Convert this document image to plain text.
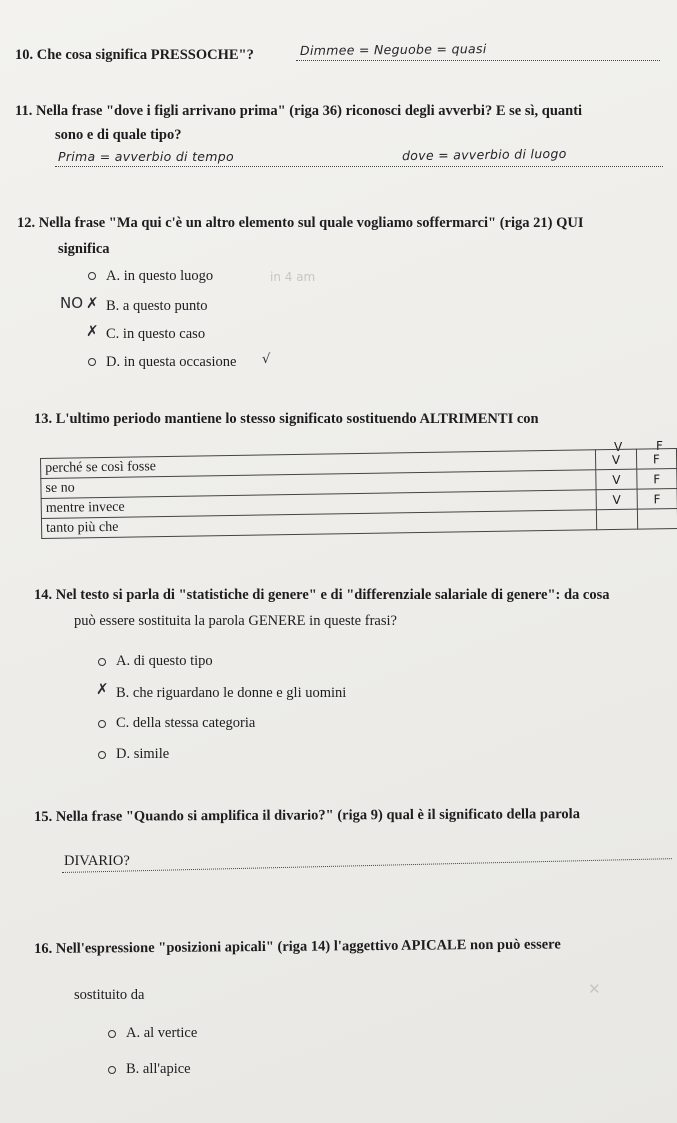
10. Che cosa significa PRESSOCHE"?	Dimmee = Neguobe = quasi
11. Nella frase "dove i figli arrivano prima" (riga 36) riconosci degli avverbi? E se sì, quanti
sono e di quale tipo?
Prima = avverbio di tempo	dove = avverbio di luogo
12. Nella frase "Ma qui c'è un altro elemento sul quale vogliamo soffermarci" (riga 21) QUI
significa
A. in questo luogo	in 4 am
NO ✗ B. a questo punto
✗ C. in questo caso
D. in questa occasione √
13. L'ultimo periodo mantiene lo stesso significato sostituendo ALTRIMENTI con
V	F
perché se così fosse	V	F
se no	V	F
mentre invece	V	F
tanto più che		
14. Nel testo si parla di "statistiche di genere" e di "differenziale salariale di genere": da cosa
può essere sostituita la parola GENERE in queste frasi?
A. di questo tipo
✗ B. che riguardano le donne e gli uomini
C. della stessa categoria
D. simile
15. Nella frase "Quando si amplifica il divario?" (riga 9) qual è il significato della parola
DIVARIO?
16. Nell'espressione "posizioni apicali" (riga 14) l'aggettivo APICALE non può essere
sostituito da	✕
A. al vertice
B. all'apice
